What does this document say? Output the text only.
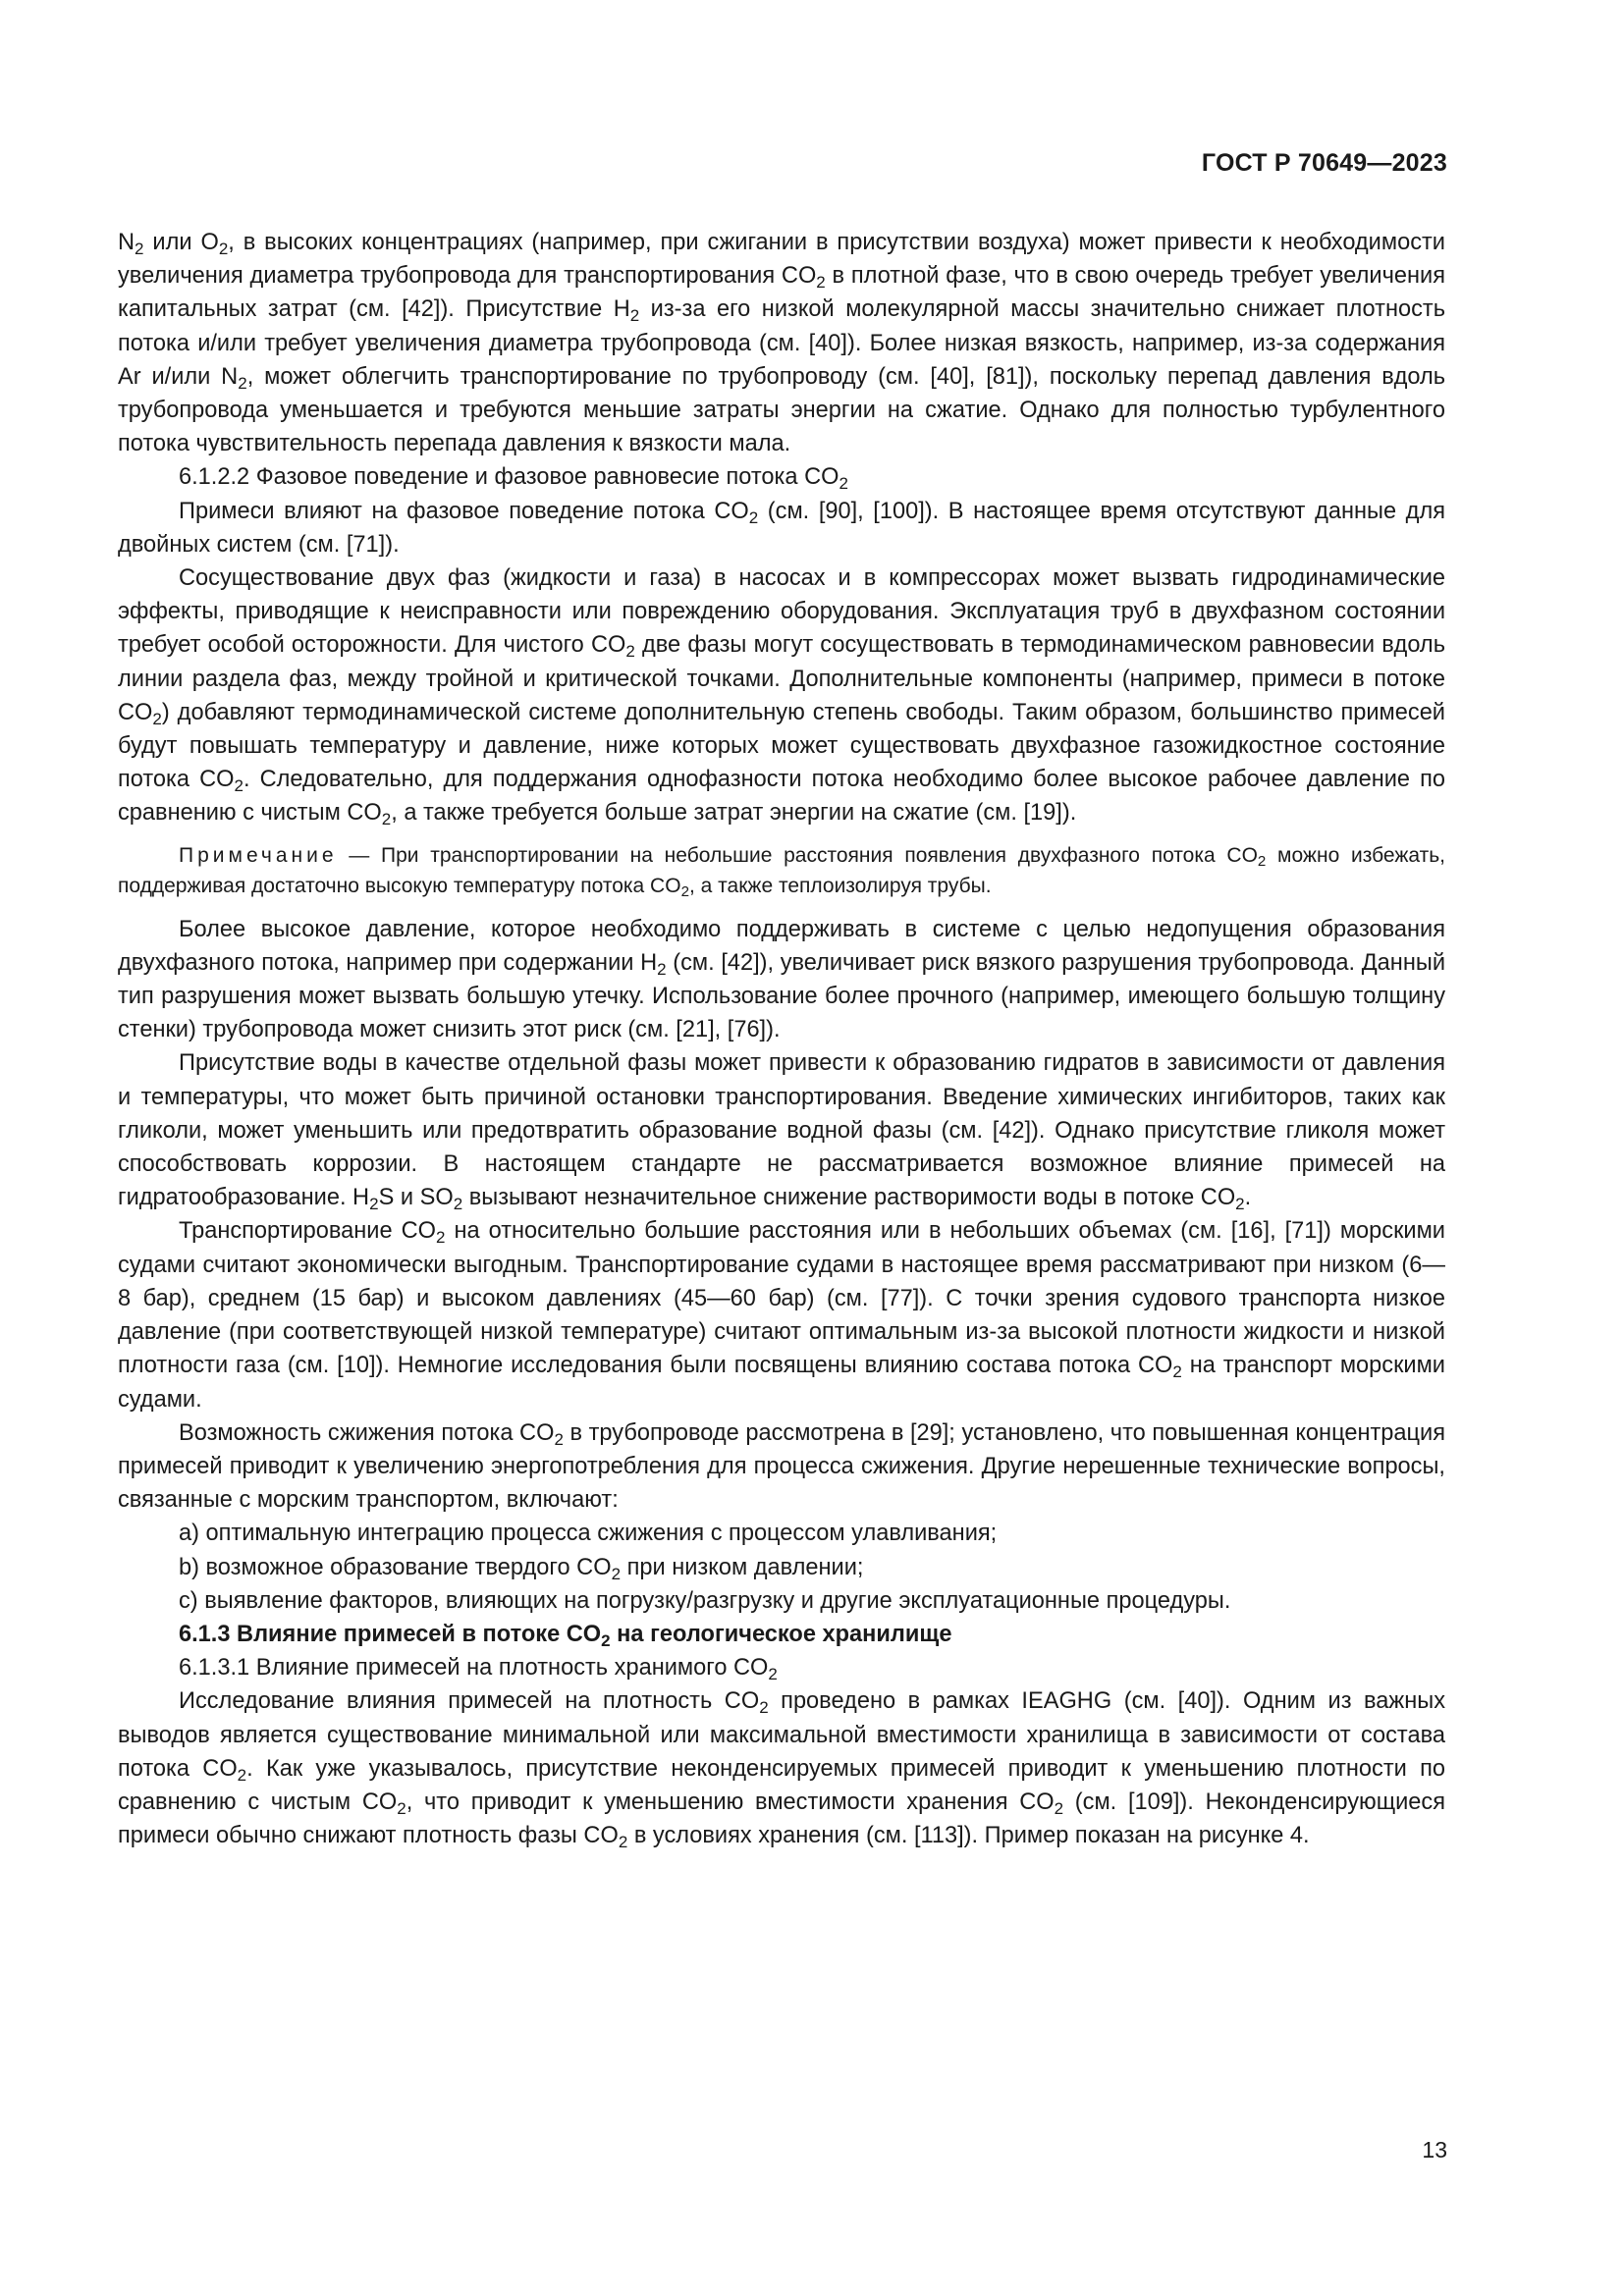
ГОСТ Р 70649—2023

$N_2$ или $O_2$, в высоких концентрациях (например, при сжигании в присутствии воздуха) может привести к необходимости увеличения диаметра трубопровода для транспортирования $CO_2$ в плотной фазе, что в свою очередь требует увеличения капитальных затрат (см. [42]). Присутствие $H_2$ из-за его низкой молекулярной массы значительно снижает плотность потока и/или требует увеличения диаметра трубопровода (см. [40]). Более низкая вязкость, например, из-за содержания Ar и/или $N_2$, может облегчить транспортирование по трубопроводу (см. [40], [81]), поскольку перепад давления вдоль трубопровода уменьшается и требуются меньшие затраты энергии на сжатие. Однако для полностью турбулентного потока чувствительность перепада давления к вязкости мала.

6.1.2.2 Фазовое поведение и фазовое равновесие потока $CO_2$

Примеси влияют на фазовое поведение потока $CO_2$ (см. [90], [100]). В настоящее время отсутствуют данные для двойных систем (см. [71]).

Сосуществование двух фаз (жидкости и газа) в насосах и в компрессорах может вызвать гидродинамические эффекты, приводящие к неисправности или повреждению оборудования. Эксплуатация труб в двухфазном состоянии требует особой осторожности. Для чистого $CO_2$ две фазы могут сосуществовать в термодинамическом равновесии вдоль линии раздела фаз, между тройной и критической точками. Дополнительные компоненты (например, примеси в потоке $CO_2$) добавляют термодинамической системе дополнительную степень свободы. Таким образом, большинство примесей будут повышать температуру и давление, ниже которых может существовать двухфазное газожидкостное состояние потока $CO_2$. Следовательно, для поддержания однофазности потока необходимо более высокое рабочее давление по сравнению с чистым $CO_2$, а также требуется больше затрат энергии на сжатие (см. [19]).

Примечание — При транспортировании на небольшие расстояния появления двухфазного потока $CO_2$ можно избежать, поддерживая достаточно высокую температуру потока $CO_2$, а также теплоизолируя трубы.

Более высокое давление, которое необходимо поддерживать в системе с целью недопущения образования двухфазного потока, например при содержании $H_2$ (см. [42]), увеличивает риск вязкого разрушения трубопровода. Данный тип разрушения может вызвать большую утечку. Использование более прочного (например, имеющего большую толщину стенки) трубопровода может снизить этот риск (см. [21], [76]).

Присутствие воды в качестве отдельной фазы может привести к образованию гидратов в зависимости от давления и температуры, что может быть причиной остановки транспортирования. Введение химических ингибиторов, таких как гликоли, может уменьшить или предотвратить образование водной фазы (см. [42]). Однако присутствие гликоля может способствовать коррозии. В настоящем стандарте не рассматривается возможное влияние примесей на гидратообразование. $H_2S$ и $SO_2$ вызывают незначительное снижение растворимости воды в потоке $CO_2$.

Транспортирование $CO_2$ на относительно большие расстояния или в небольших объемах (см. [16], [71]) морскими судами считают экономически выгодным. Транспортирование судами в настоящее время рассматривают при низком (6—8 бар), среднем (15 бар) и высоком давлениях (45—60 бар) (см. [77]). С точки зрения судового транспорта низкое давление (при соответствующей низкой температуре) считают оптимальным из-за высокой плотности жидкости и низкой плотности газа (см. [10]). Немногие исследования были посвящены влиянию состава потока $CO_2$ на транспорт морскими судами.

Возможность сжижения потока $CO_2$ в трубопроводе рассмотрена в [29]; установлено, что повышенная концентрация примесей приводит к увеличению энергопотребления для процесса сжижения. Другие нерешенные технические вопросы, связанные с морским транспортом, включают:

а) оптимальную интеграцию процесса сжижения с процессом улавливания;

b) возможное образование твердого $CO_2$ при низком давлении;

с) выявление факторов, влияющих на погрузку/разгрузку и другие эксплуатационные процедуры.

6.1.3 Влияние примесей в потоке $CO_2$ на геологическое хранилище

6.1.3.1 Влияние примесей на плотность хранимого $CO_2$

Исследование влияния примесей на плотность $CO_2$ проведено в рамках IEAGHG (см. [40]). Одним из важных выводов является существование минимальной или максимальной вместимости хранилища в зависимости от состава потока $CO_2$. Как уже указывалось, присутствие неконденсируемых примесей приводит к уменьшению плотности по сравнению с чистым $CO_2$, что приводит к уменьшению вместимости хранения $CO_2$ (см. [109]). Неконденсирующиеся примеси обычно снижают плотность фазы $CO_2$ в условиях хранения (см. [113]). Пример показан на рисунке 4.

13
